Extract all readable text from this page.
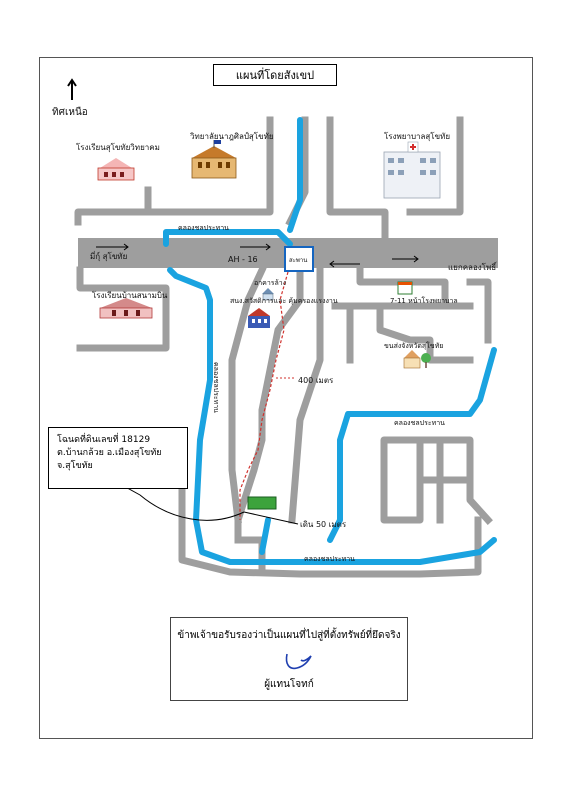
ทิศเหนือ
โรงเรียนสุโขทัยวิทยาคม
วิทยาลัยนาฎศิลป์สุโขทัย	โรงพยาบาลสุโขทัย
คลองชลประทาน
มี่กุ์ สุโขทัย	AH - 16
แยกคลองโพธิ์
สะพาน
โรงเรียนบ้านสนามบิน
อาคารล้าง
สนง.สวัสดิการและ คุ้มครองแรงงาน	7-11 หน้าโรงพยาบาล
ขนส่งจังหวัดสุโขทัย
400 เมตร
คลองชลประทาน
คลองชลประทาน
เดิน 50 เมตร
คลองชลประทาน
แผนที่โดยสังเขป
โฉนดที่ดินเลขที่ 18129
ต.บ้านกล้วย อ.เมืองสุโขทัย
จ.สุโขทัย
ข้าพเจ้าขอรับรองว่าเป็นแผนที่ไปสู่ที่ตั้งทรัพย์ที่ยึดจริง
ผู้แทนโจทก์
